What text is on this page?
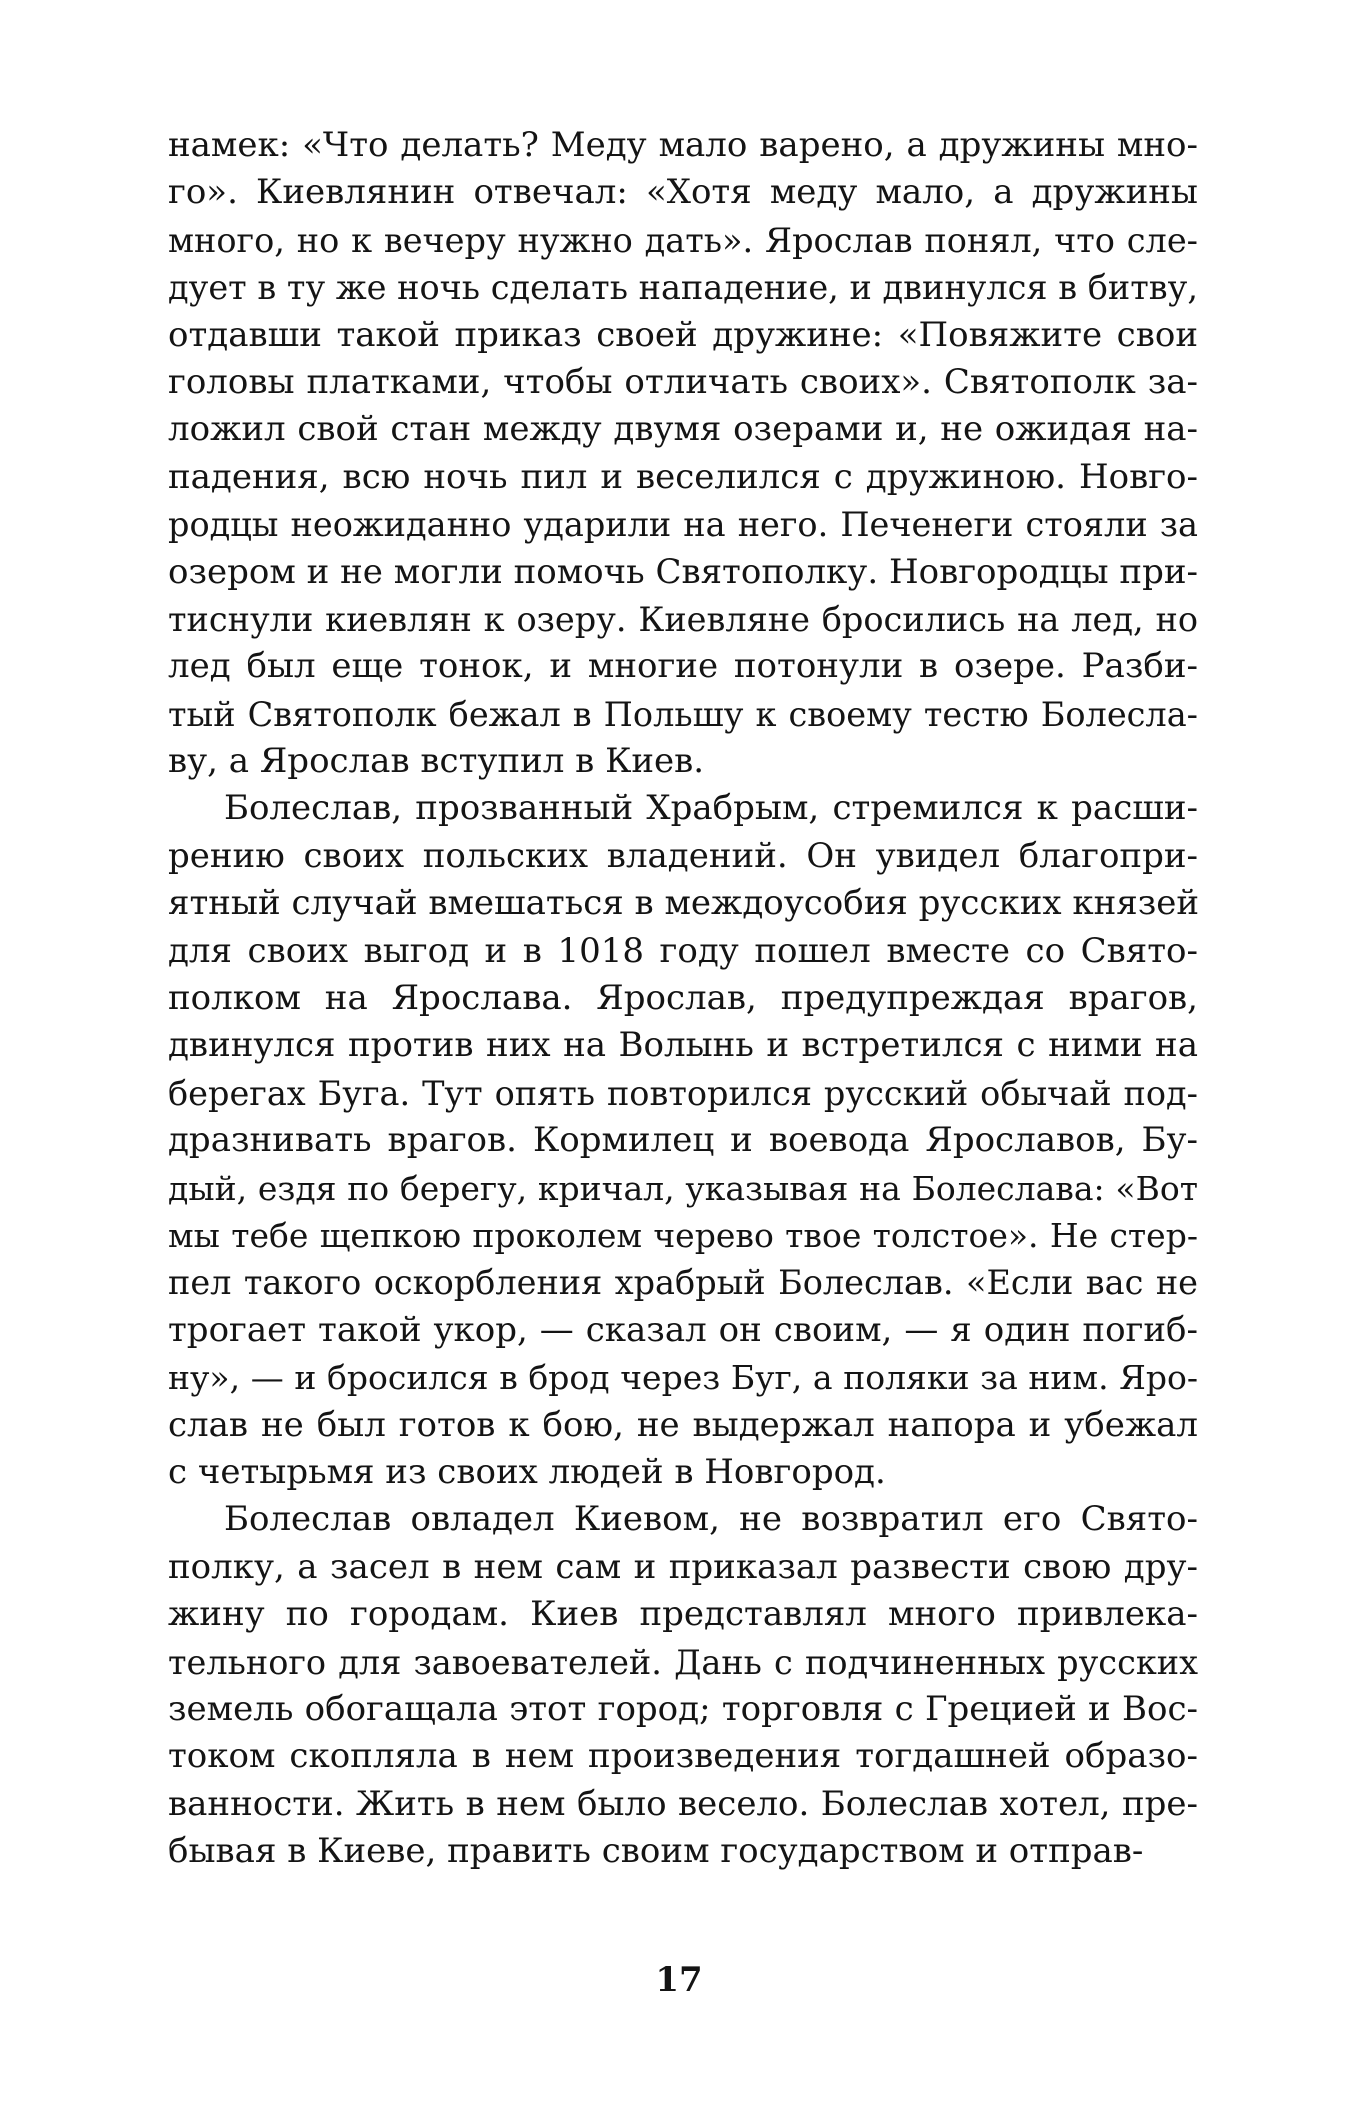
намек: «Что делать? Меду мало варено, а дружины мно-
го». Киевлянин отвечал: «Хотя меду мало, а дружины
много, но к вечеру нужно дать». Ярослав понял, что сле-
дует в ту же ночь сделать нападение, и двинулся в битву,
отдавши такой приказ своей дружине: «Повяжите свои
головы платками, чтобы отличать своих». Святополк за-
ложил свой стан между двумя озерами и, не ожидая на-
падения, всю ночь пил и веселился с дружиною. Новго-
родцы неожиданно ударили на него. Печенеги стояли за
озером и не могли помочь Святополку. Новгородцы при-
тиснули киевлян к озеру. Киевляне бросились на лед, но
лед был еще тонок, и многие потонули в озере. Разби-
тый Святополк бежал в Польшу к своему тестю Болесла-
ву, а Ярослав вступил в Киев.
Болеслав, прозванный Храбрым, стремился к расши-
рению своих польских владений. Он увидел благопри-
ятный случай вмешаться в междоусобия русских князей
для своих выгод и в 1018 году пошел вместе со Свято-
полком на Ярослава. Ярослав, предупреждая врагов,
двинулся против них на Волынь и встретился с ними на
берегах Буга. Тут опять повторился русский обычай под-
дразнивать врагов. Кормилец и воевода Ярославов, Бу-
дый, ездя по берегу, кричал, указывая на Болеслава: «Вот
мы тебе щепкою проколем черево твое толстое». Не стер-
пел такого оскорбления храбрый Болеслав. «Если вас не
трогает такой укор, — сказал он своим, — я один погиб-
ну», — и бросился в брод через Буг, а поляки за ним. Яро-
слав не был готов к бою, не выдержал напора и убежал
с четырьмя из своих людей в Новгород.
Болеслав овладел Киевом, не возвратил его Свято-
полку, а засел в нем сам и приказал развести свою дру-
жину по городам. Киев представлял много привлека-
тельного для завоевателей. Дань с подчиненных русских
земель обогащала этот город; торговля с Грецией и Вос-
током скопляла в нем произведения тогдашней образо-
ванности. Жить в нем было весело. Болеслав хотел, пре-
бывая в Киеве, править своим государством и отправ-
17
